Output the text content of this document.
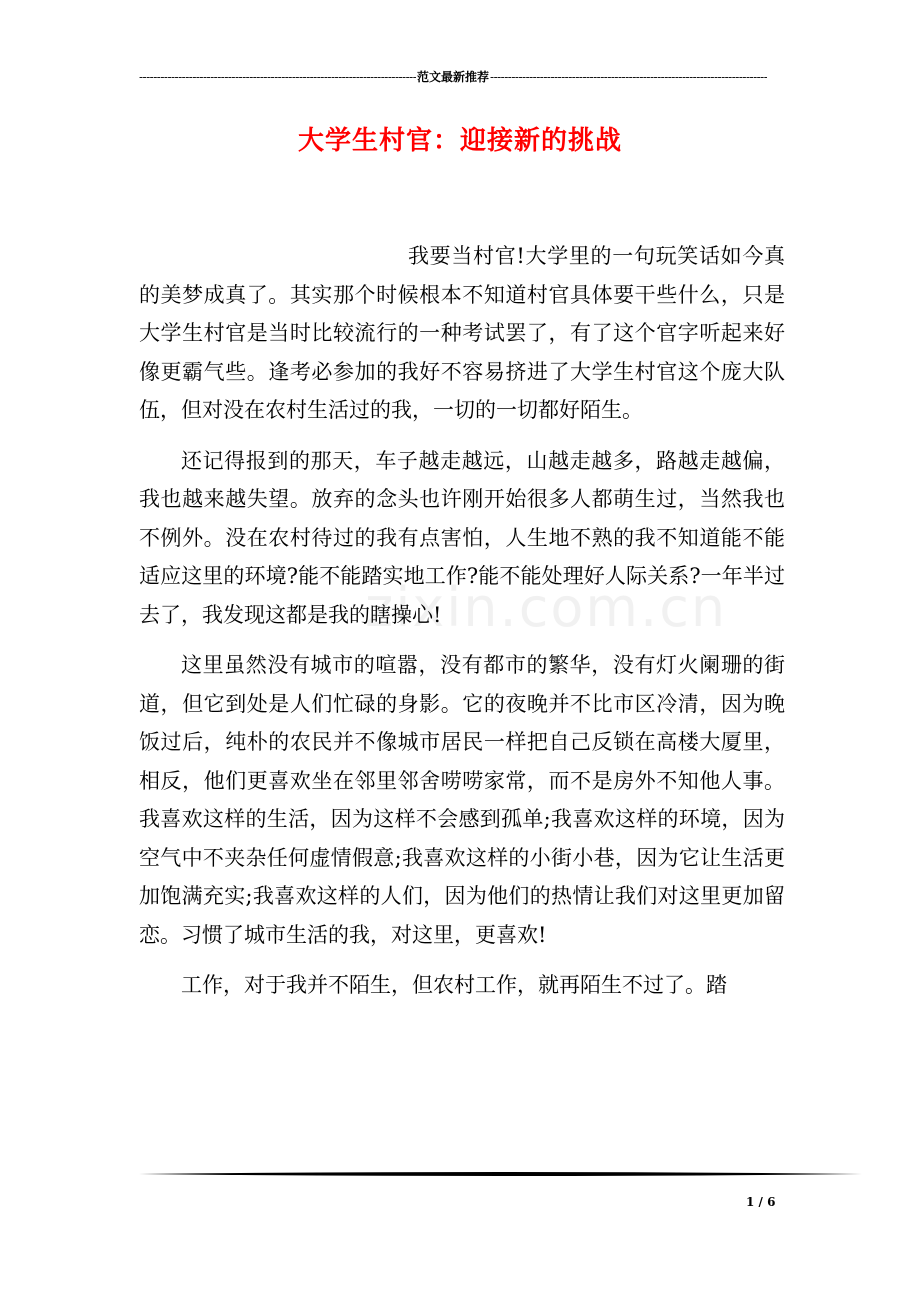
-----
范文最新推荐
-----
大学生村官：迎接新的挑战
zixin.com.cn

我要当村官!大学里的一句玩笑话如今真的美梦成真了。其实那个时候根本不知道村官具体要干些什么，只是大学生村官是当时比较流行的一种考试罢了，有了这个官字听起来好像更霸气些。逢考必参加的我好不容易挤进了大学生村官这个庞大队伍，但对没在农村生活过的我，一切的一切都好陌生。

还记得报到的那天，车子越走越远，山越走越多，路越走越偏，我也越来越失望。放弃的念头也许刚开始很多人都萌生过，当然我也不例外。没在农村待过的我有点害怕，人生地不熟的我不知道能不能适应这里的环境?能不能踏实地工作?能不能处理好人际关系?一年半过去了，我发现这都是我的瞎操心!

这里虽然没有城市的喧嚣，没有都市的繁华，没有灯火阑珊的街道，但它到处是人们忙碌的身影。它的夜晚并不比市区冷清，因为晚饭过后，纯朴的农民并不像城市居民一样把自己反锁在高楼大厦里，相反，他们更喜欢坐在邻里邻舍唠唠家常，而不是房外不知他人事。我喜欢这样的生活，因为这样不会感到孤单;我喜欢这样的环境，因为空气中不夹杂任何虚情假意;我喜欢这样的小街小巷，因为它让生活更加饱满充实;我喜欢这样的人们，因为他们的热情让我们对这里更加留恋。习惯了城市生活的我，对这里，更喜欢!

工作，对于我并不陌生，但农村工作，就再陌生不过了。踏

1 / 6
